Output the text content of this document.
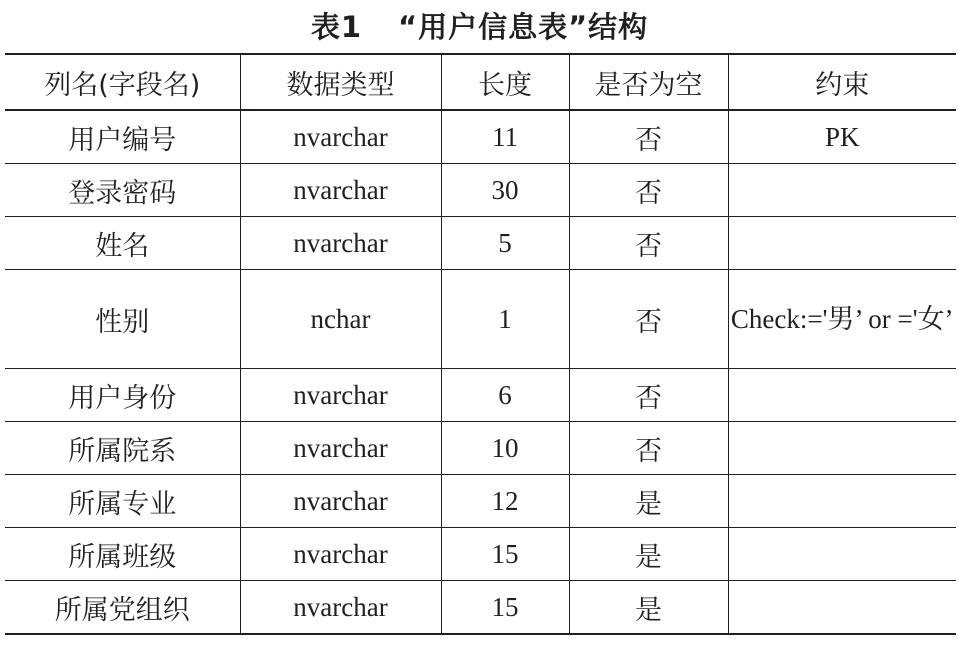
表1 “用户信息表”结构
列名(字段名)	数据类型	长度	是否为空	约束
用户编号	nvarchar	11	否	PK
登录密码	nvarchar	30	否	
姓名	nvarchar	5	否	
性别	nchar	1	否	Check:='男’ or ='女’
用户身份	nvarchar	6	否	
所属院系	nvarchar	10	否	
所属专业	nvarchar	12	是	
所属班级	nvarchar	15	是	
所属党组织	nvarchar	15	是	
